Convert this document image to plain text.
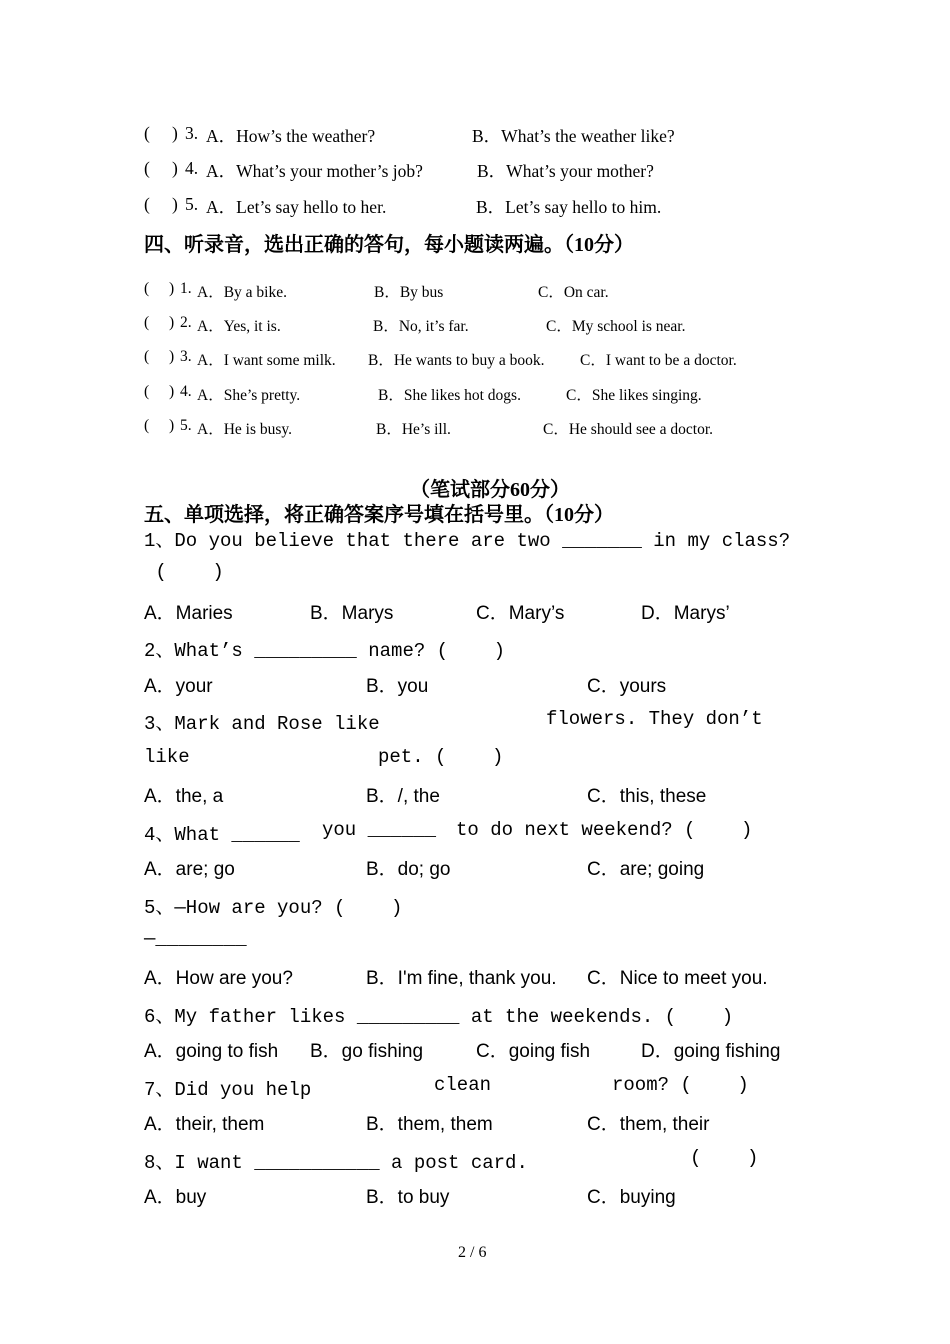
( ) 3. A．How’s the weather?	B．What’s the weather like?
( ) 4. A．What’s your mother’s job?	B．What’s your mother?
( ) 5. A．Let’s say hello to her.	B．Let’s say hello to him.
四、听录音，选出正确的答句，每小题读两遍。（10分）
( ) 1. A．By a bike.	B．By bus	C．On car.
( ) 2. A．Yes, it is.	B．No, it’s far.	C．My school is near.
( ) 3. A．I want some milk. B．He wants to buy a book. C．I want to be a doctor.
( ) 4. A．She’s pretty.	B．She likes hot dogs.	C．She likes singing.
( ) 5. A．He is busy.	B．He’s ill.	C．He should see a doctor.
（笔试部分60分）
五、单项选择，将正确答案序号填在括号里。（10分）
1、Do you believe that there are two _______ in my class?
(    )
A．Maries	B．Marys	C．Mary’s	D．Marys’
2、What’s _________ name? (    )
A．your	B．you	C．yours
3、Mark and Rose like	flowers. They don’t
like	pet. (    )
A．the, a	B．/, the	C．this, these
4、What ______ you ______ to do next weekend? (    )
A．are; go	B．do; go	C．are; going
5、—How are you? (    )
—________
A．How are you?	B．I'm fine, thank you. C．Nice to meet you.
6、My father likes _________ at the weekends. (    )
A．going to fish B．go fishing	C．going fish	D．going fishing
7、Did you help	clean	room? (    )
A．their, them	B．them, them	C．them, their
8、I want ___________ a post card.	(    )
A．buy	B．to buy	C．buying
2 / 6
